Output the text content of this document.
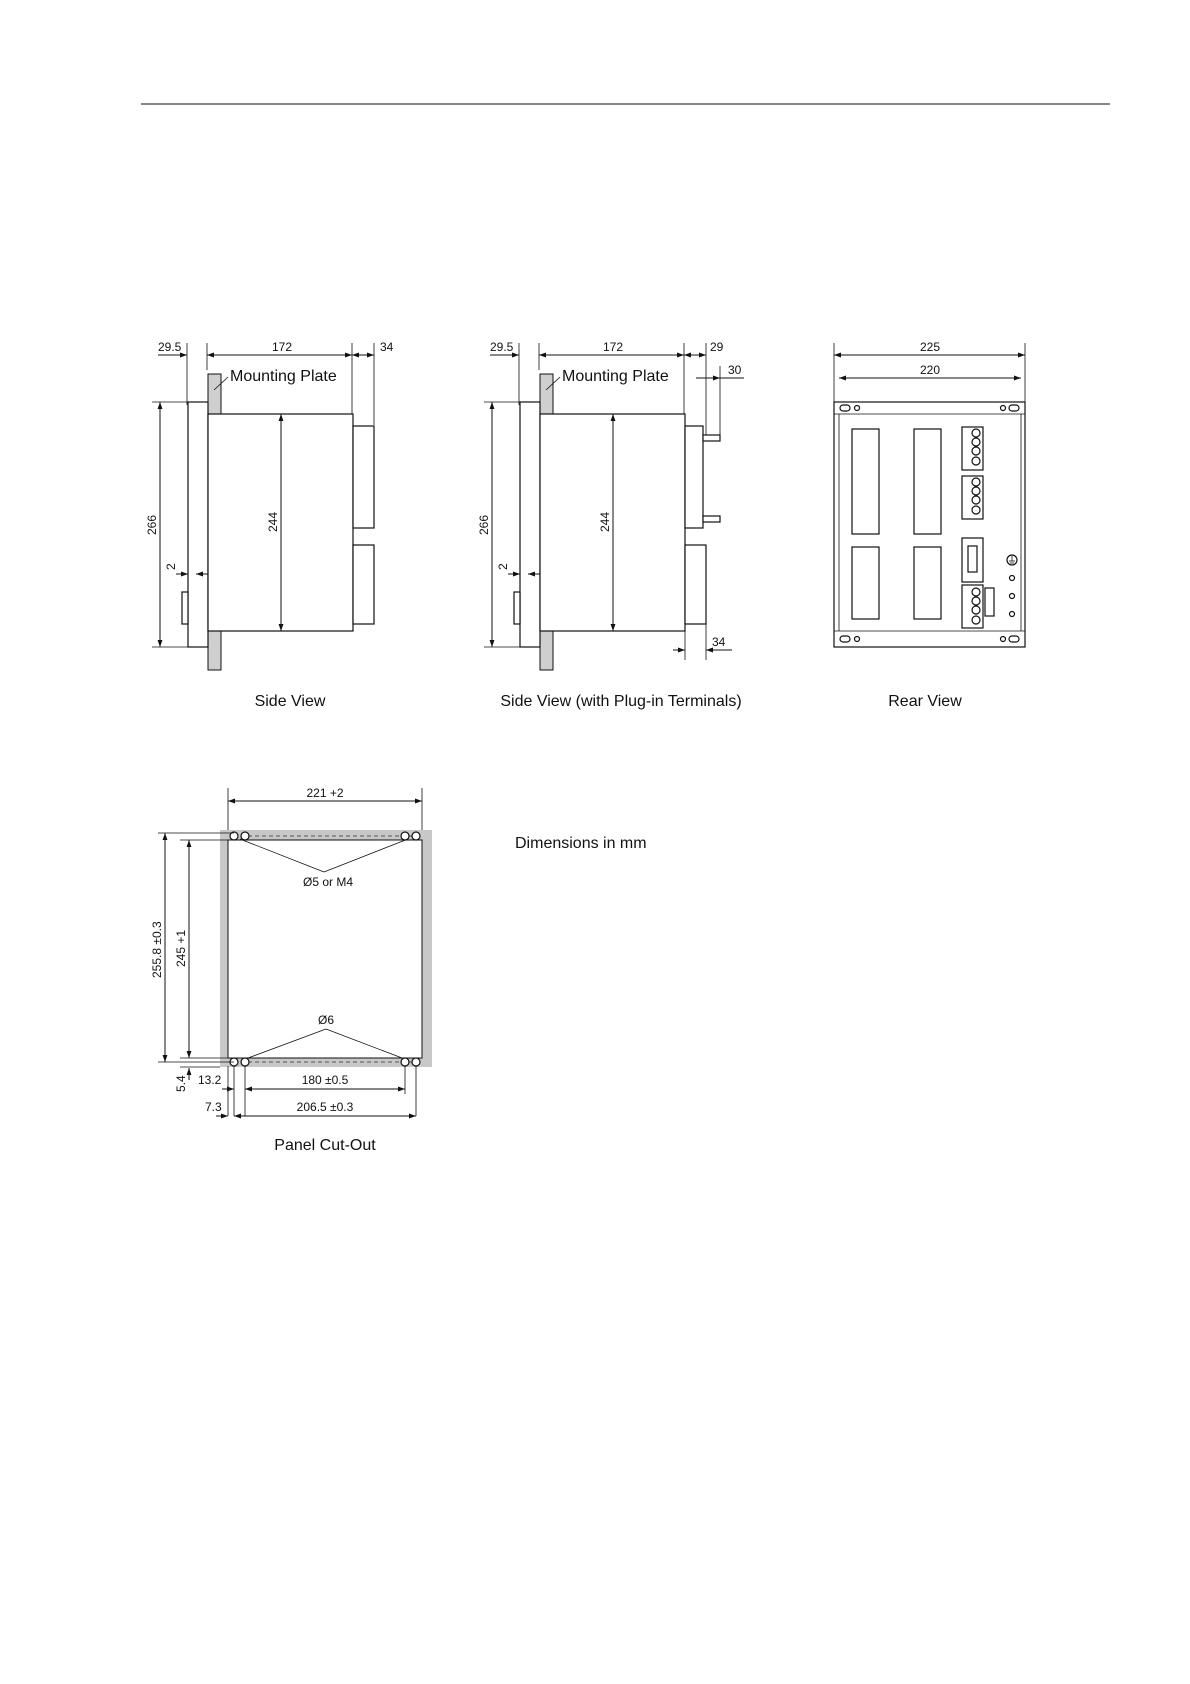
29.5	172	34
Mounting Plate
266	244
2
Side View
29.5	172	29
30
Mounting Plate
266	244
2
34
Side View (with Plug-in Terminals)
225
220
Rear View
221 +2
Ø5 or M4
Ø6
255.8 ±0.3 245 +1
5.4 13.2	180 ±0.5
7.3	206.5 ±0.3
Panel Cut-Out
Dimensions in mm
